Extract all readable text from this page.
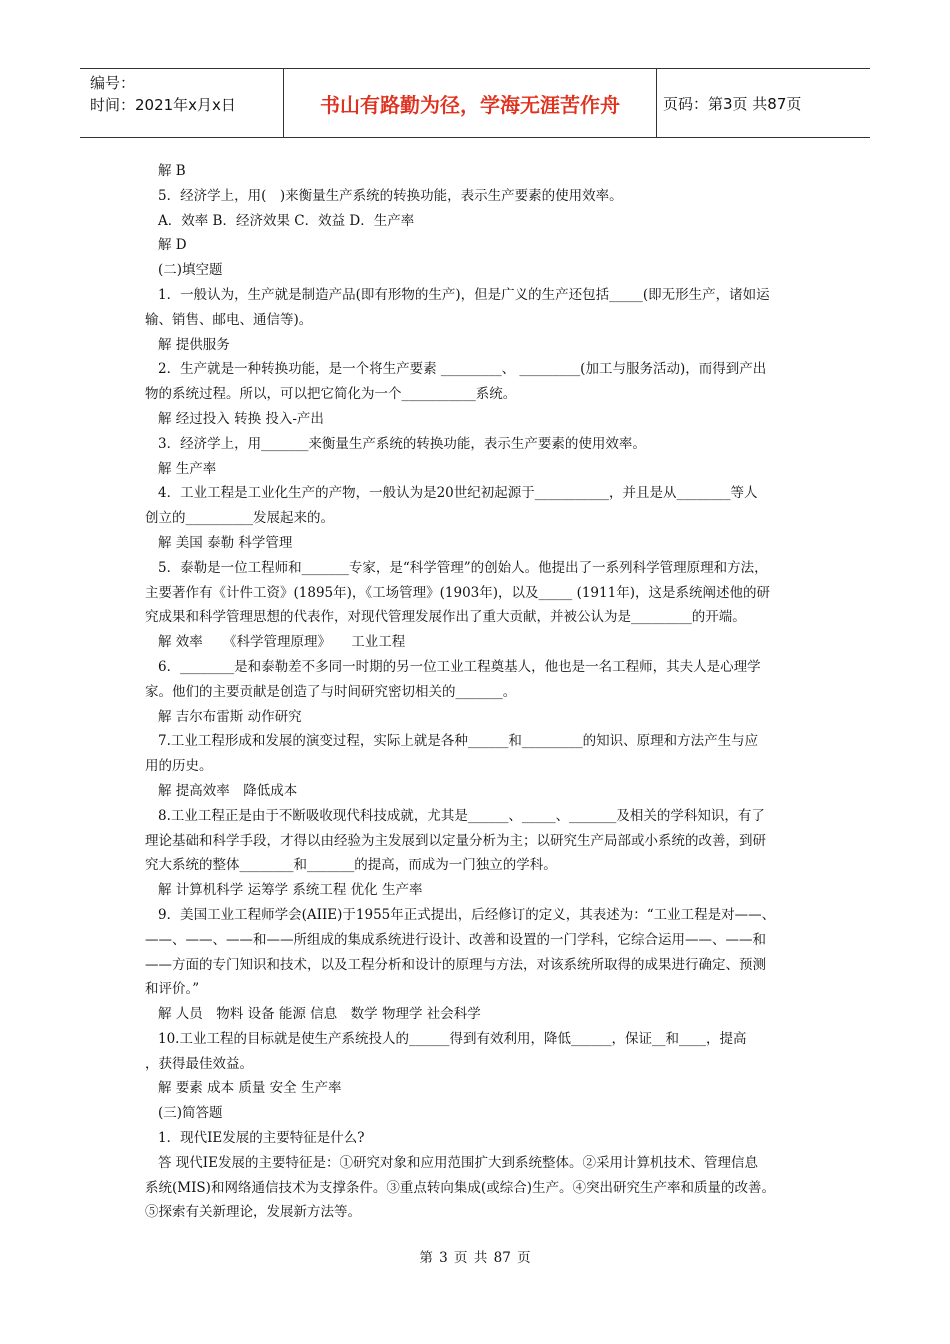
编号：
时间：2021年x月x日	书山有路勤为径，学海无涯苦作舟	页码：第3页 共87页

解 B

5．经济学上，用(　)来衡量生产系统的转换功能，表示生产要素的使用效率。

A．效率 B．经济效果 C．效益 D．生产率

解 D

(二)填空题

1．一般认为，生产就是制造产品(即有形物的生产)，但是广义的生产还包括_____(即无形生产，诸如运

输、销售、邮电、通信等)。

解 提供服务

2．生产就是一种转换功能，是一个将生产要素 _________、 _________(加工与服务活动)，而得到产出

物的系统过程。所以，可以把它简化为一个___________系统。

解 经过投入 转换 投入-产出

3．经济学上，用_______来衡量生产系统的转换功能，表示生产要素的使用效率。

解 生产率

4．工业工程是工业化生产的产物，一般认为是20世纪初起源于___________，并且是从________等人

创立的__________发展起来的。

解 美国 泰勒 科学管理

5．泰勒是一位工程师和_______专家，是“科学管理”的创始人。他提出了一系列科学管理原理和方法，

主要著作有《计件工资》(1895年)，《工场管理》(1903年)，以及_____ (1911年)，这是系统阐述他的研

究成果和科学管理思想的代表作，对现代管理发展作出了重大贡献，并被公认为是_________的开端。

解 效率　　《科学管理原理》　　工业工程

6．________是和泰勒差不多同一时期的另一位工业工程奠基人，他也是一名工程师，其夫人是心理学

家。他们的主要贡献是创造了与时间研究密切相关的_______。

解 吉尔布雷斯 动作研究

7.工业工程形成和发展的演变过程，实际上就是各种______和_________的知识、原理和方法产生与应

用的历史。

解 提高效率　降低成本

8.工业工程正是由于不断吸收现代科技成就，尤其是______、_____、_______及相关的学科知识，有了

理论基础和科学手段，才得以由经验为主发展到以定量分析为主；以研究生产局部或小系统的改善，到研

究大系统的整体________和_______的提高，而成为一门独立的学科。

解 计算机科学 运筹学 系统工程 优化 生产率

9．美国工业工程师学会(AIIE)于1955年正式提出，后经修订的定义，其表述为：“工业工程是对——、

——、——、——和——所组成的集成系统进行设计、改善和设置的一门学科，它综合运用——、——和

——方面的专门知识和技术，以及工程分析和设计的原理与方法，对该系统所取得的成果进行确定、预测

和评价。”

解 人员　物料 设备 能源 信息　数学 物理学 社会科学

10.工业工程的目标就是使生产系统投人的______得到有效利用，降低______，保证__和____，提高

，获得最佳效益。

解 要素 成本 质量 安全 生产率

(三)简答题

1．现代IE发展的主要特征是什么?

答 现代IE发展的主要特征是：①研究对象和应用范围扩大到系统整体。②采用计算机技术、管理信息

系统(MIS)和网络通信技术为支撑条件。③重点转向集成(或综合)生产。④突出研究生产率和质量的改善。

⑤探索有关新理论，发展新方法等。

第 3 页 共 87 页
